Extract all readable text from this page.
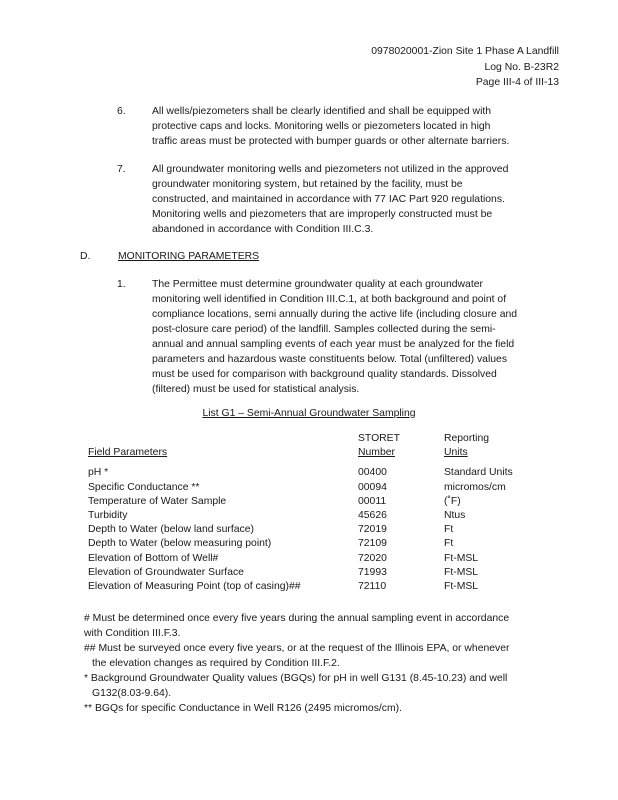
0978020001-Zion Site 1 Phase A Landfill
Log No. B-23R2
Page III-4 of III-13
6.	All wells/piezometers shall be clearly identified and shall be equipped with
protective caps and locks. Monitoring wells or piezometers located in high
traffic areas must be protected with bumper guards or other alternate barriers.
7.	All groundwater monitoring wells and piezometers not utilized in the approved
groundwater monitoring system, but retained by the facility, must be
constructed, and maintained in accordance with 77 IAC Part 920 regulations.
Monitoring wells and piezometers that are improperly constructed must be
abandoned in accordance with Condition III.C.3.
D.	MONITORING PARAMETERS
1.	The Permittee must determine groundwater quality at each groundwater
monitoring well identified in Condition III.C.1, at both background and point of
compliance locations, semi annually during the active life (including closure and
post-closure care period) of the landfill. Samples collected during the semi-
annual and annual sampling events of each year must be analyzed for the field
parameters and hazardous waste constituents below. Total (unfiltered) values
must be used for comparison with background quality standards. Dissolved
(filtered) must be used for statistical analysis.
List G1 – Semi-Annual Groundwater Sampling
	STORET	Reporting
Field Parameters	Number	Units

pH *	00400	Standard Units
Specific Conductance **	00094	micromos/cm
Temperature of Water Sample	00011	(˚F)
Turbidity	45626	Ntus
Depth to Water (below land surface)	72019	Ft
Depth to Water (below measuring point)	72109	Ft
Elevation of Bottom of Well#	72020	Ft-MSL
Elevation of Groundwater Surface	71993	Ft-MSL
Elevation of Measuring Point (top of casing)##	72110	Ft-MSL
# Must be determined once every five years during the annual sampling event in accordance
with Condition III.F.3.
## Must be surveyed once every five years, or at the request of the Illinois EPA, or whenever
the elevation changes as required by Condition III.F.2.
* Background Groundwater Quality values (BGQs) for pH in well G131 (8.45-10.23) and well
G132(8.03-9.64).
** BGQs for specific Conductance in Well R126 (2495 micromos/cm).
